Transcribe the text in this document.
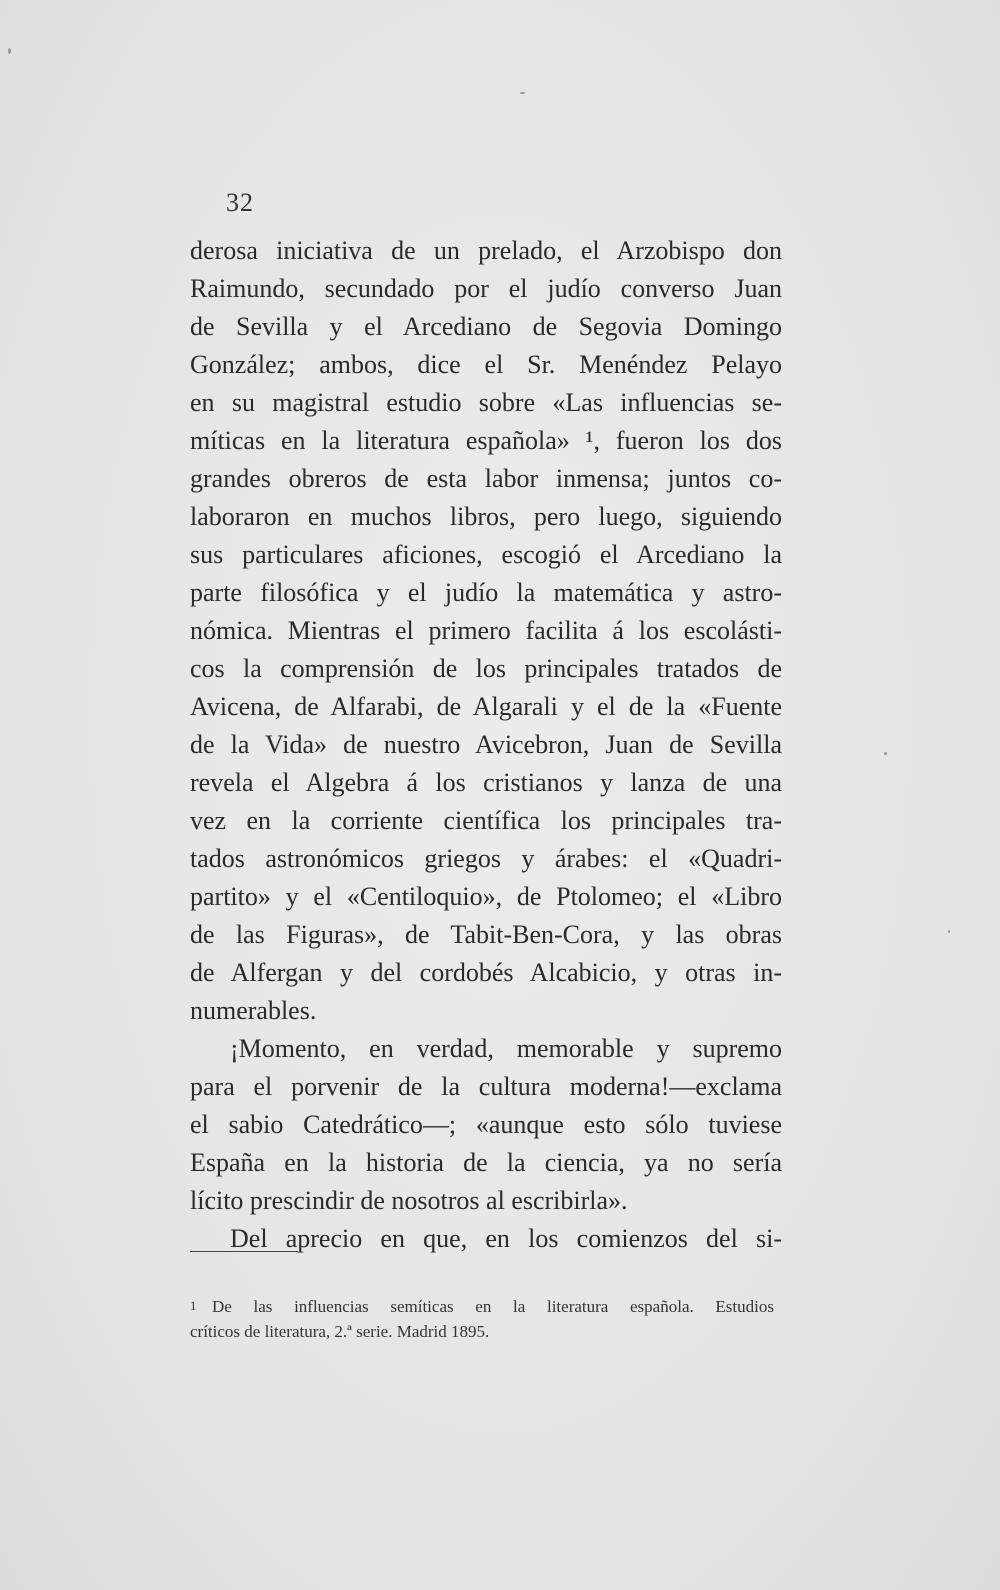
32
derosa iniciativa de un prelado, el Arzobispo don
Raimundo, secundado por el judío converso Juan
de Sevilla y el Arcediano de Segovia Domingo
González; ambos, dice el Sr. Menéndez Pelayo
en su magistral estudio sobre «Las influencias se-
míticas en la literatura española» ¹, fueron los dos
grandes obreros de esta labor inmensa; juntos co-
laboraron en muchos libros, pero luego, siguiendo
sus particulares aficiones, escogió el Arcediano la
parte filosófica y el judío la matemática y astro-
nómica. Mientras el primero facilita á los escolásti-
cos la comprensión de los principales tratados de
Avicena, de Alfarabi, de Algarali y el de la «Fuente
de la Vida» de nuestro Avicebron, Juan de Sevilla
revela el Algebra á los cristianos y lanza de una
vez en la corriente científica los principales tra-
tados astronómicos griegos y árabes: el «Quadri-
partito» y el «Centiloquio», de Ptolomeo; el «Libro
de las Figuras», de Tabit-Ben-Cora, y las obras
de Alfergan y del cordobés Alcabicio, y otras in-
numerables.
¡Momento, en verdad, memorable y supremo
para el porvenir de la cultura moderna!—exclama
el sabio Catedrático—; «aunque esto sólo tuviese
España en la historia de la ciencia, ya no sería
lícito prescindir de nosotros al escribirla».
Del aprecio en que, en los comienzos del si-
1 De las influencias semíticas en la literatura española. Estudios
críticos de literatura, 2.ª serie. Madrid 1895.
